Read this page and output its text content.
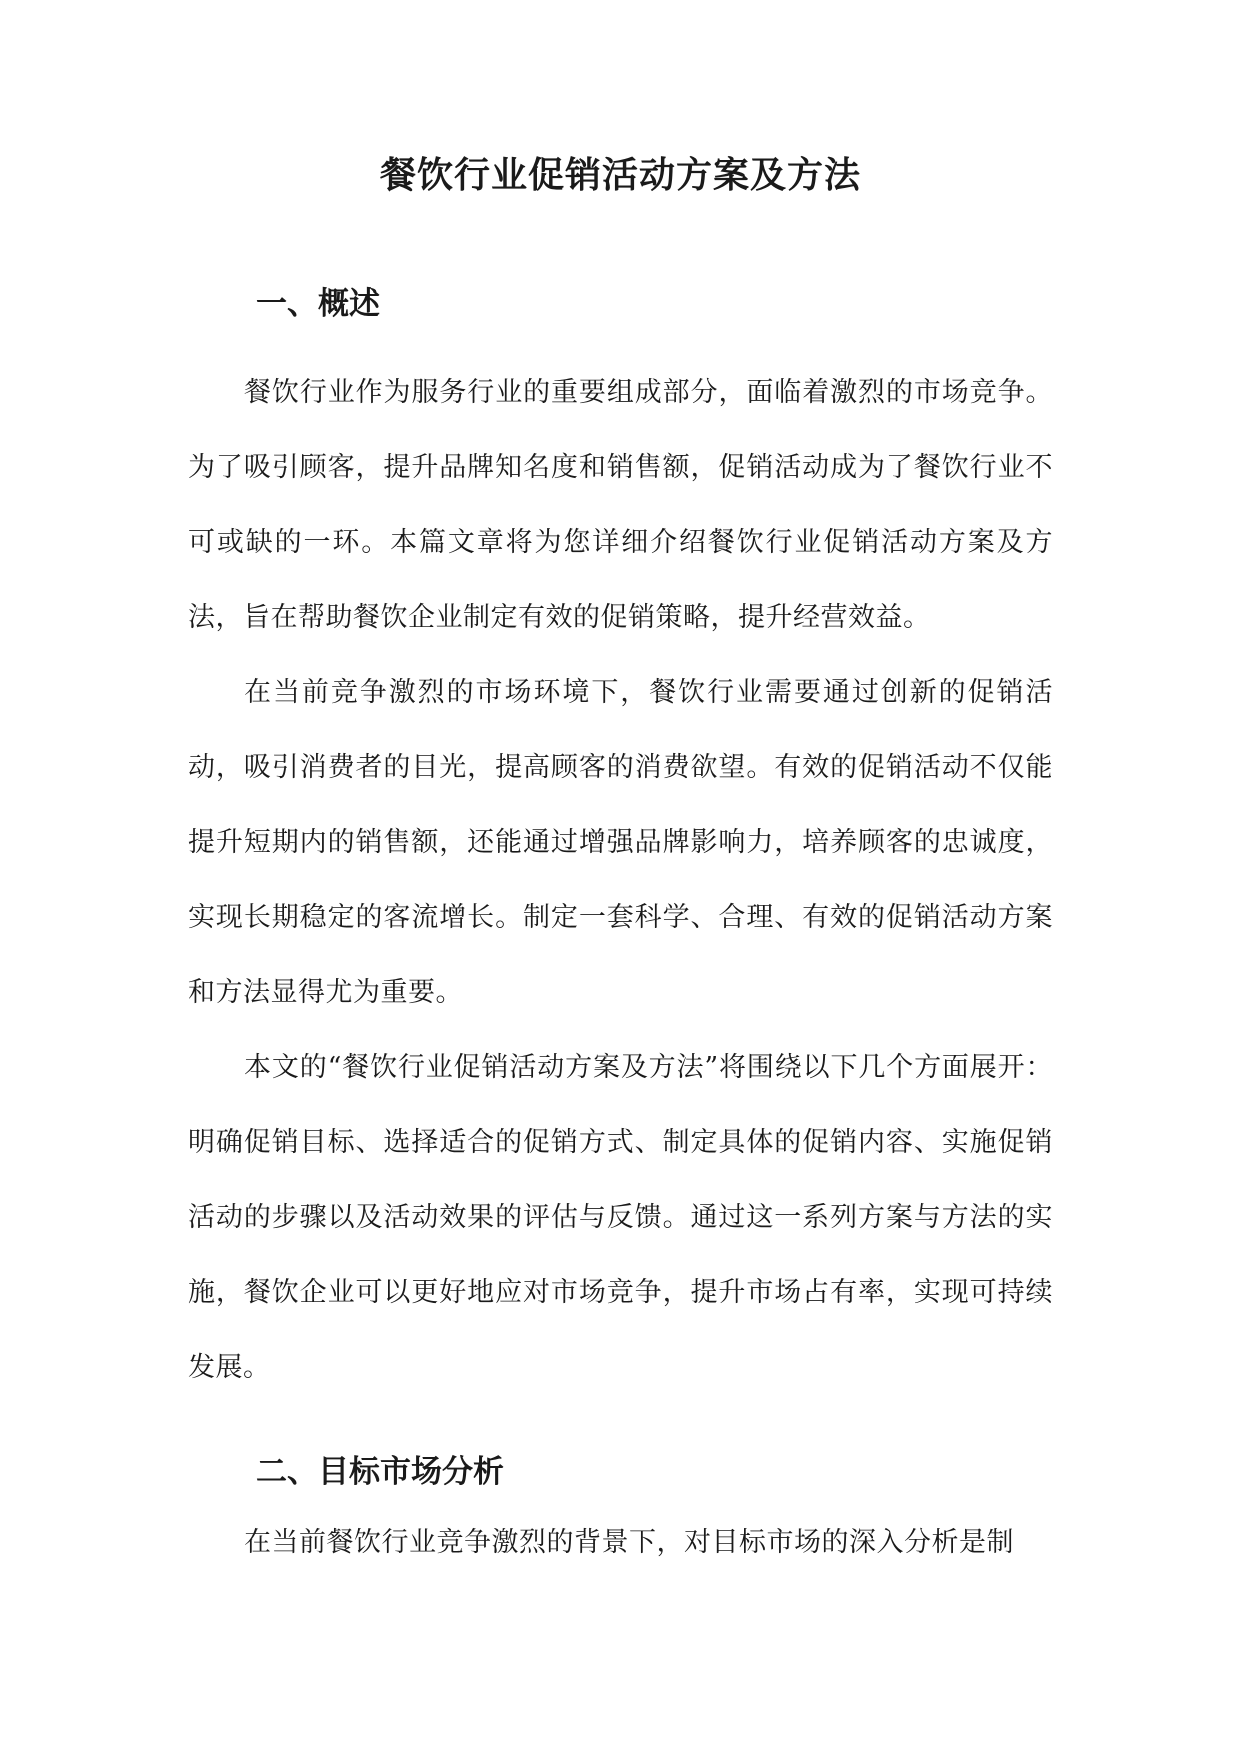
餐饮行业促销活动方案及方法
一、概述

餐饮行业作为服务行业的重要组成部分，面临着激烈的市场竞争。为了吸引顾客，提升品牌知名度和销售额，促销活动成为了餐饮行业不可或缺的一环。本篇文章将为您详细介绍餐饮行业促销活动方案及方法，旨在帮助餐饮企业制定有效的促销策略，提升经营效益。

在当前竞争激烈的市场环境下，餐饮行业需要通过创新的促销活动，吸引消费者的目光，提高顾客的消费欲望。有效的促销活动不仅能提升短期内的销售额，还能通过增强品牌影响力，培养顾客的忠诚度，实现长期稳定的客流增长。制定一套科学、合理、有效的促销活动方案和方法显得尤为重要。

本文的“餐饮行业促销活动方案及方法”将围绕以下几个方面展开：明确促销目标、选择适合的促销方式、制定具体的促销内容、实施促销活动的步骤以及活动效果的评估与反馈。通过这一系列方案与方法的实施，餐饮企业可以更好地应对市场竞争，提升市场占有率，实现可持续发展。

二、目标市场分析

在当前餐饮行业竞争激烈的背景下，对目标市场的深入分析是制
